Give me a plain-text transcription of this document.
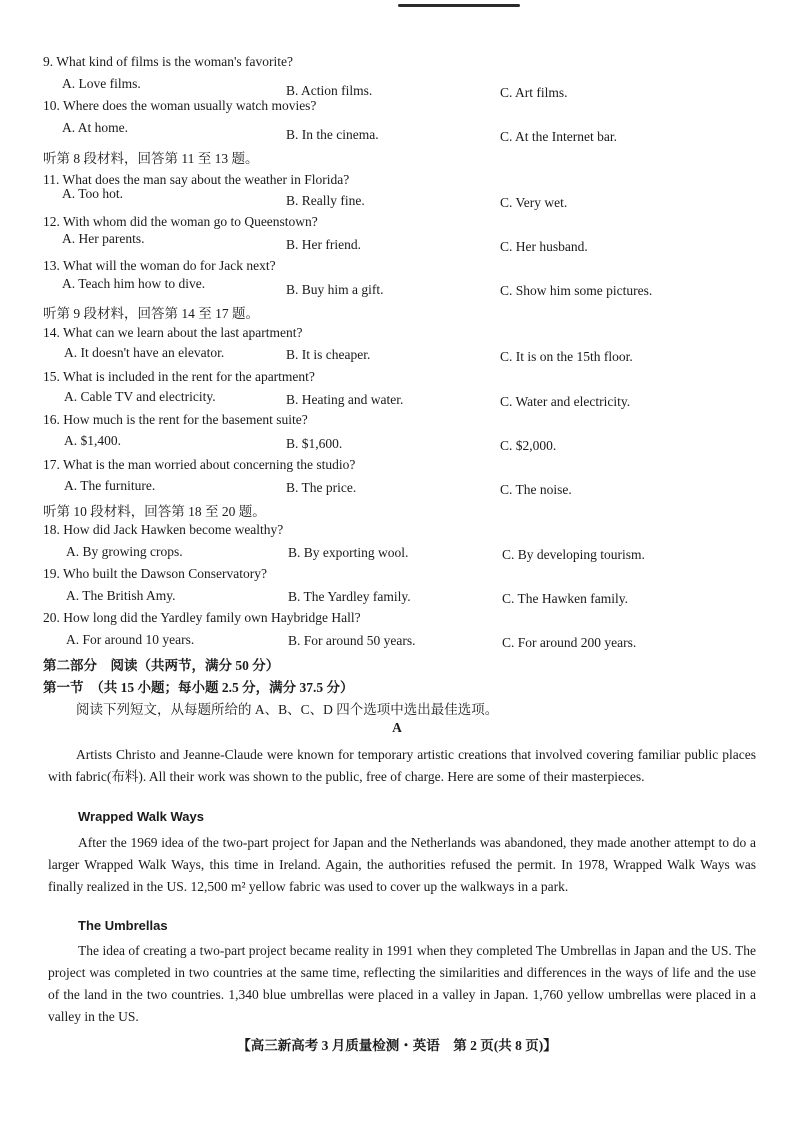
9. What kind of films is the woman's favorite?
A. Love films.	B. Action films.	C. Art films.
10. Where does the woman usually watch movies?
A. At home.	B. In the cinema.	C. At the Internet bar.
听第 8 段材料，回答第 11 至 13 题。
11. What does the man say about the weather in Florida?
A. Too hot.	B. Really fine.	C. Very wet.
12. With whom did the woman go to Queenstown?
A. Her parents.	B. Her friend.	C. Her husband.
13. What will the woman do for Jack next?
A. Teach him how to dive.	B. Buy him a gift.	C. Show him some pictures.
听第 9 段材料，回答第 14 至 17 题。
14. What can we learn about the last apartment?
A. It doesn't have an elevator.	B. It is cheaper.	C. It is on the 15th floor.
15. What is included in the rent for the apartment?
A. Cable TV and electricity.	B. Heating and water.	C. Water and electricity.
16. How much is the rent for the basement suite?
A. $1,400.	B. $1,600.	C. $2,000.
17. What is the man worried about concerning the studio?
A. The furniture.	B. The price.	C. The noise.
听第 10 段材料，回答第 18 至 20 题。
18. How did Jack Hawken become wealthy?
A. By growing crops.	B. By exporting wool.	C. By developing tourism.
19. Who built the Dawson Conservatory?
A. The British Amy.	B. The Yardley family.	C. The Hawken family.
20. How long did the Yardley family own Haybridge Hall?
A. For around 10 years.	B. For around 50 years.	C. For around 200 years.
第二部分　阅读（共两节，满分 50 分）
第一节　（共 15 小题；每小题 2.5 分，满分 37.5 分）
阅读下列短文，从每题所给的 A、B、C、D 四个选项中选出最佳选项。
A
Artists Christo and Jeanne-Claude were known for temporary artistic creations that involved covering familiar public places with fabric(布料). All their work was shown to the public, free of charge. Here are some of their masterpieces.
Wrapped Walk Ways
After the 1969 idea of the two-part project for Japan and the Netherlands was abandoned, they made another attempt to do a larger Wrapped Walk Ways, this time in Ireland. Again, the authorities refused the permit. In 1978, Wrapped Walk Ways was finally realized in the US. 12,500 m² yellow fabric was used to cover up the walkways in a park.
The Umbrellas
The idea of creating a two-part project became reality in 1991 when they completed The Umbrellas in Japan and the US. The project was completed in two countries at the same time, reflecting the similarities and differences in the ways of life and the use of the land in the two countries. 1,340 blue umbrellas were placed in a valley in Japan. 1,760 yellow umbrellas were placed in a valley in the US.
【高三新高考 3 月质量检测・英语　第 2 页(共 8 页)】
